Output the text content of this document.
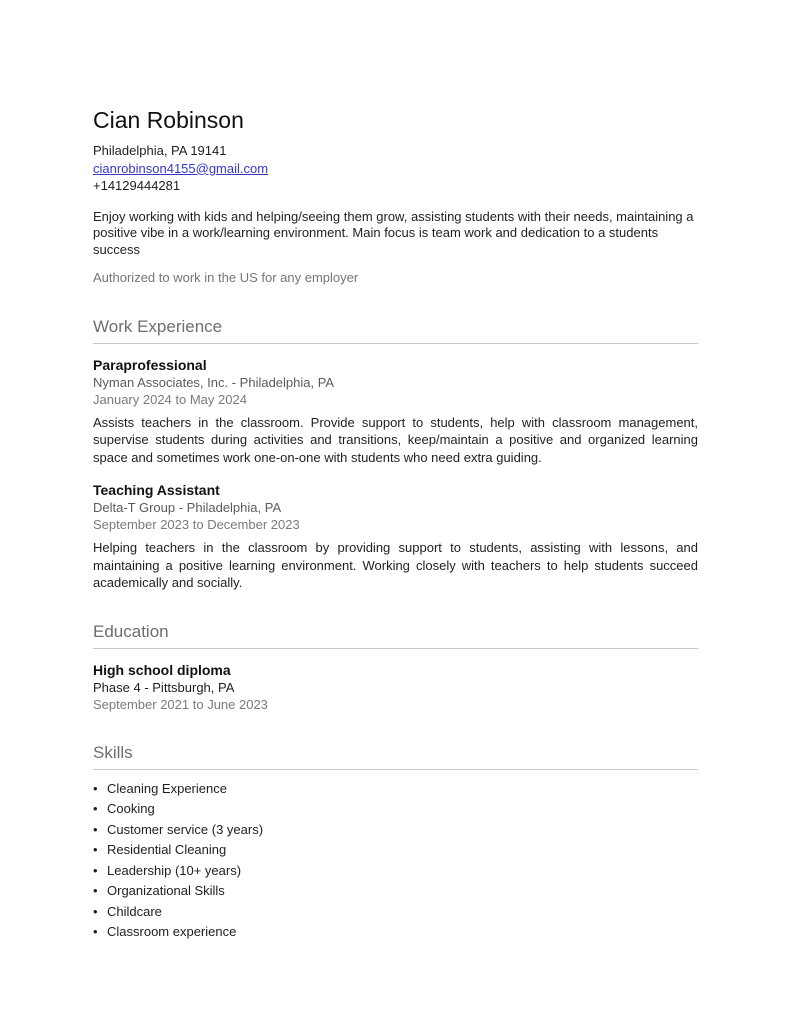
Cian Robinson
Philadelphia, PA 19141
cianrobinson4155@gmail.com
+14129444281

Enjoy working with kids and helping/seeing them grow, assisting students with their needs, maintaining a positive vibe in a work/learning environment. Main focus is team work and dedication to a students success

Authorized to work in the US for any employer

Work Experience
Paraprofessional
Nyman Associates, Inc. - Philadelphia, PA
January 2024 to May 2024

Assists teachers in the classroom. Provide support to students, help with classroom management, supervise students during activities and transitions, keep/maintain a positive and organized learning space and sometimes work one-on-one with students who need extra guiding.

Teaching Assistant
Delta-T Group - Philadelphia, PA
September 2023 to December 2023

Helping teachers in the classroom by providing support to students, assisting with lessons, and maintaining a positive learning environment. Working closely with teachers to help students succeed academically and socially.

Education
High school diploma
Phase 4 - Pittsburgh, PA
September 2021 to June 2023
Skills
• Cleaning Experience
• Cooking
• Customer service (3 years)
• Residential Cleaning
• Leadership (10+ years)
• Organizational Skills
• Childcare
• Classroom experience
